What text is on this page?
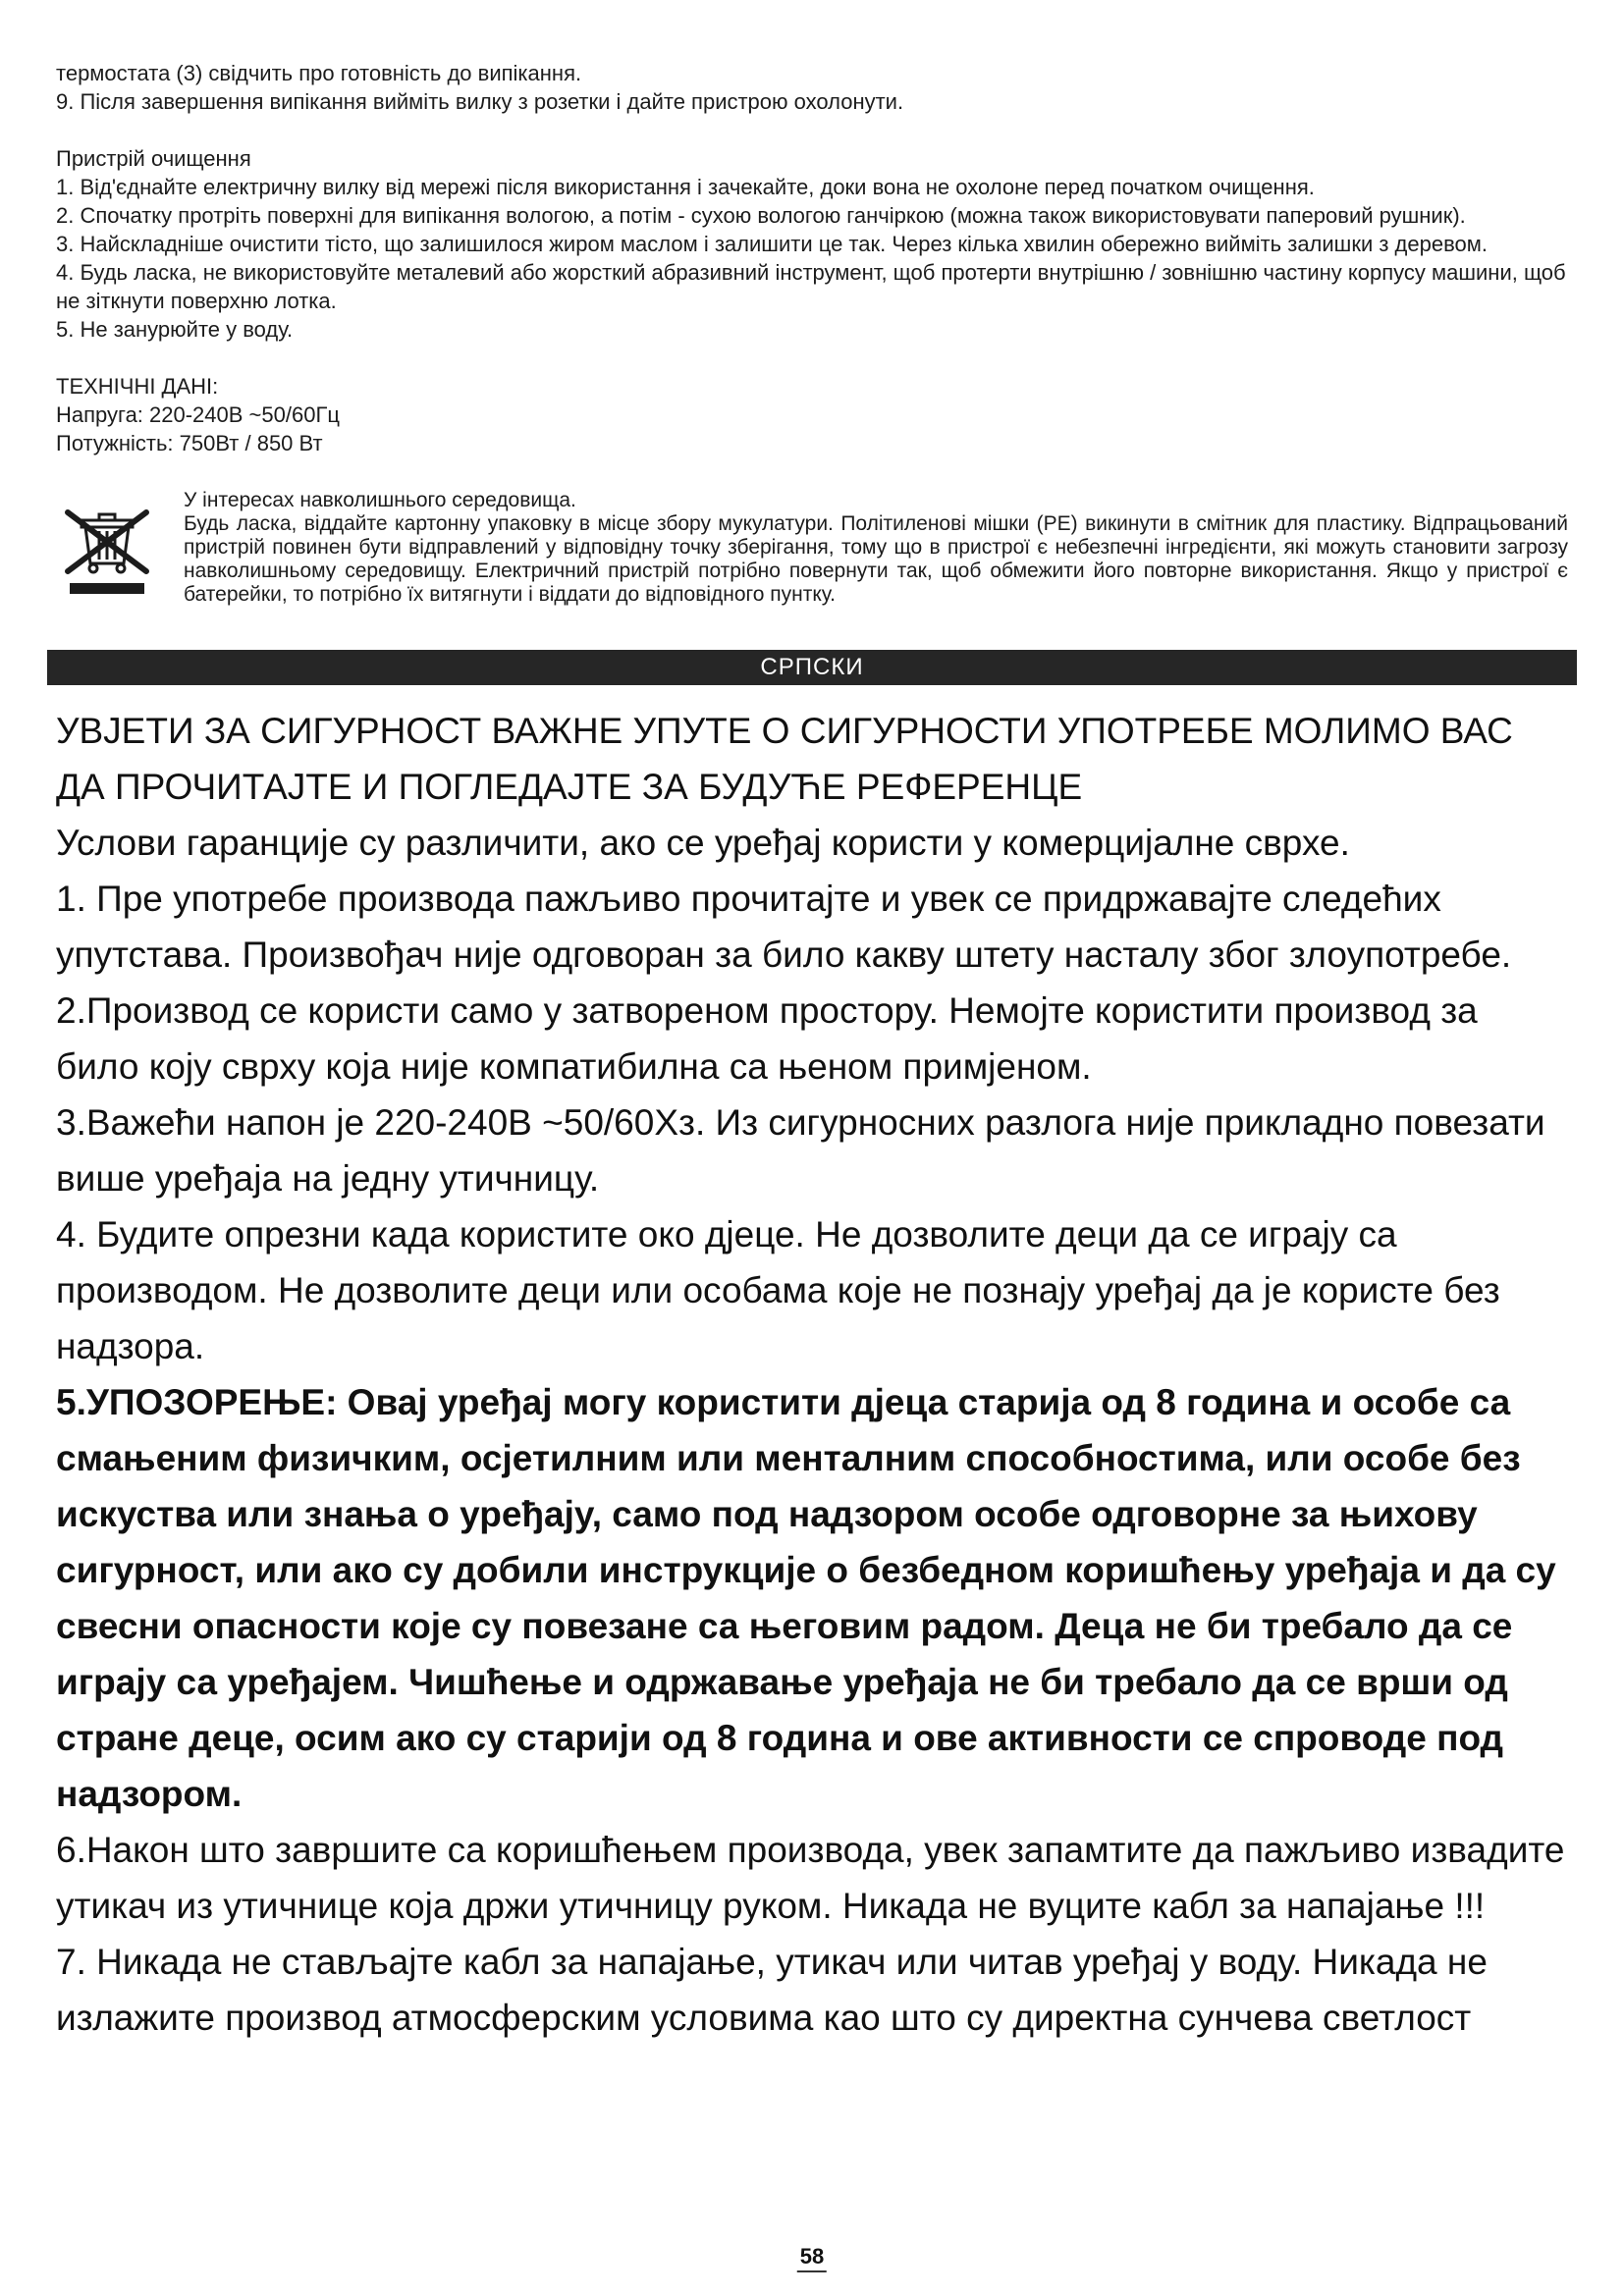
термостата (3) свідчить про готовність до випікання.

9. Після завершення випікання вийміть вилку з розетки і дайте пристрою охолонути.

Пристрій очищення

1. Від'єднайте електричну вилку від мережі після використання і зачекайте, доки вона не охолоне перед початком очищення.

2. Спочатку протріть поверхні для випікання вологою, а потім - сухою вологою ганчіркою (можна також використовувати паперовий рушник).

3. Найскладніше очистити тісто, що залишилося жиром маслом і залишити це так. Через кілька хвилин обережно вийміть залишки з деревом.

4. Будь ласка, не використовуйте металевий або жорсткий абразивний інструмент, щоб протерти внутрішню / зовнішню частину корпусу машини, щоб не зіткнути поверхню лотка.

5. Не занурюйте у воду.

ТЕХНІЧНІ ДАНІ:

Напруга: 220-240В ~50/60Гц

Потужність: 750Вт / 850 Вт

У інтересах навколишнього середовища.

Будь ласка, віддайте картонну упаковку в місце збору мукулатури. Політиленові мішки (PE) викинути в смітник для пластику. Відпрацьований пристрій повинен бути відправлений у відповідну точку зберігання, тому що в пристрої є небезпечні інгредієнти, які можуть становити загрозу навколишньому середовищу. Електричний пристрій потрібно повернути так, щоб обмежити його повторне використання. Якщо у пристрої є батерейки, то потрібно їх витягнути і віддати до відповідного пунтку.

СРПСКИ

УВЈЕТИ ЗА СИГУРНОСТ ВАЖНЕ УПУТЕ О СИГУРНОСТИ УПОТРЕБЕ МОЛИМО ВАС ДА ПРОЧИТАЈТЕ И ПОГЛЕДАЈТЕ ЗА БУДУЋЕ РЕФЕРЕНЦЕ

Услови гаранције су различити, ако се уређај користи у комерцијалне сврхе.

1. Пре употребе производа пажљиво прочитајте и увек се придржавајте следећих упутстава. Произвођач није одговоран за било какву штету насталу због злоупотребе.

2.Производ се користи само у затвореном простору. Немојте користити производ за било коју сврху која није компатибилна са њеном примјеном.

3.Важећи напон је 220-240В ~50/60Хз. Из сигурносних разлога није прикладно повезати више уређаја на једну утичницу.

4. Будите опрезни када користите око дјеце. Не дозволите деци да се играју са производом. Не дозволите деци или особама које не познају уређај да је користе без надзора.

5.УПОЗОРЕЊЕ: Овај уређај могу користити дјеца старија од 8 година и особе са смањеним физичким, осјетилним или менталним способностима, или особе без искуства или знања о уређају, само под надзором особе одговорне за њихову сигурност, или ако су добили инструкције о безбедном коришћењу уређаја и да су свесни опасности које су повезане са његовим радом. Деца не би требало да се играју са уређајем. Чишћење и одржавање уређаја не би требало да се врши од стране деце, осим ако су старији од 8 година и ове активности се спроводе под надзором.

6.Након што завршите са коришћењем производа, увек запамтите да пажљиво извадите утикач из утичнице која држи утичницу руком. Никада не вуците кабл за напајање !!!

7. Никада не стављајте кабл за напајање, утикач или читав уређај у воду. Никада не излажите производ атмосферским условима као што су директна сунчева светлост

58
